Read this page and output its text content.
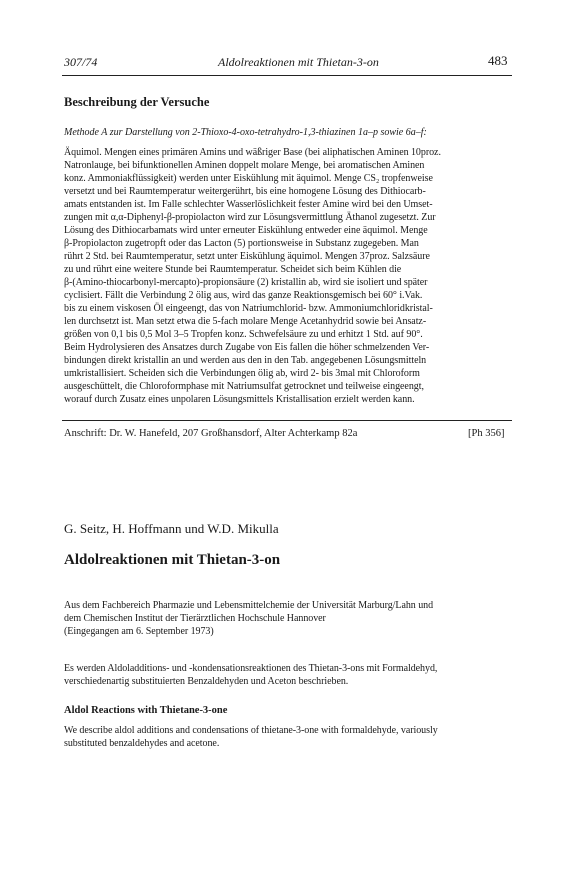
307/74	Aldolreaktionen mit Thietan-3-on	483
Beschreibung der Versuche
Methode A zur Darstellung von 2-Thioxo-4-oxo-tetrahydro-1,3-thiazinen 1a–p sowie 6a–f:
Äquimol. Mengen eines primären Amins und wäßriger Base (bei aliphatischen Aminen 10proz.
Natronlauge, bei bifunktionellen Aminen doppelt molare Menge, bei aromatischen Aminen
konz. Ammoniakflüssigkeit) werden unter Eiskühlung mit äquimol. Menge CS₂ tropfenweise
versetzt und bei Raumtemperatur weitergerührt, bis eine homogene Lösung des Dithiocarb-
amats entstanden ist. Im Falle schlechter Wasserlöslichkeit fester Amine wird bei den Umset-
zungen mit α,α-Diphenyl-β-propiolacton wird zur Lösungsvermittlung Äthanol zugesetzt. Zur
Lösung des Dithiocarbamats wird unter erneuter Eiskühlung entweder eine äquimol. Menge
β-Propiolacton zugetropft oder das Lacton (5) portionsweise in Substanz zugegeben. Man
rührt 2 Std. bei Raumtemperatur, setzt unter Eiskühlung äquimol. Mengen 37proz. Salzsäure
zu und rührt eine weitere Stunde bei Raumtemperatur. Scheidet sich beim Kühlen die
β-(Amino-thiocarbonyl-mercapto)-propionsäure (2) kristallin ab, wird sie isoliert und später
cyclisiert. Fällt die Verbindung 2 ölig aus, wird das ganze Reaktionsgemisch bei 60° i.Vak.
bis zu einem viskosen Öl eingeengt, das von Natriumchlorid- bzw. Ammoniumchloridkristal-
len durchsetzt ist. Man setzt etwa die 5-fach molare Menge Acetanhydrid sowie bei Ansatz-
größen von 0,1 bis 0,5 Mol 3–5 Tropfen konz. Schwefelsäure zu und erhitzt 1 Std. auf 90°.
Beim Hydrolysieren des Ansatzes durch Zugabe von Eis fallen die höher schmelzenden Ver-
bindungen direkt kristallin an und werden aus den in den Tab. angegebenen Lösungsmitteln
umkristallisiert. Scheiden sich die Verbindungen ölig ab, wird 2- bis 3mal mit Chloroform
ausgeschüttelt, die Chloroformphase mit Natriumsulfat getrocknet und teilweise eingeengt,
worauf durch Zusatz eines unpolaren Lösungsmittels Kristallisation erzielt werden kann.
Anschrift: Dr. W. Hanefeld, 207 Großhansdorf, Alter Achterkamp 82a	[Ph 356]
G. Seitz, H. Hoffmann und W.D. Mikulla
Aldolreaktionen mit Thietan-3-on
Aus dem Fachbereich Pharmazie und Lebensmittelchemie der Universität Marburg/Lahn und
dem Chemischen Institut der Tierärztlichen Hochschule Hannover
(Eingegangen am 6. September 1973)
Es werden Aldoladditions- und -kondensationsreaktionen des Thietan-3-ons mit Formaldehyd,
verschiedenartig substituierten Benzaldehyden und Aceton beschrieben.
Aldol Reactions with Thietane-3-one
We describe aldol additions and condensations of thietane-3-one with formaldehyde, variously
substituted benzaldehydes and acetone.
